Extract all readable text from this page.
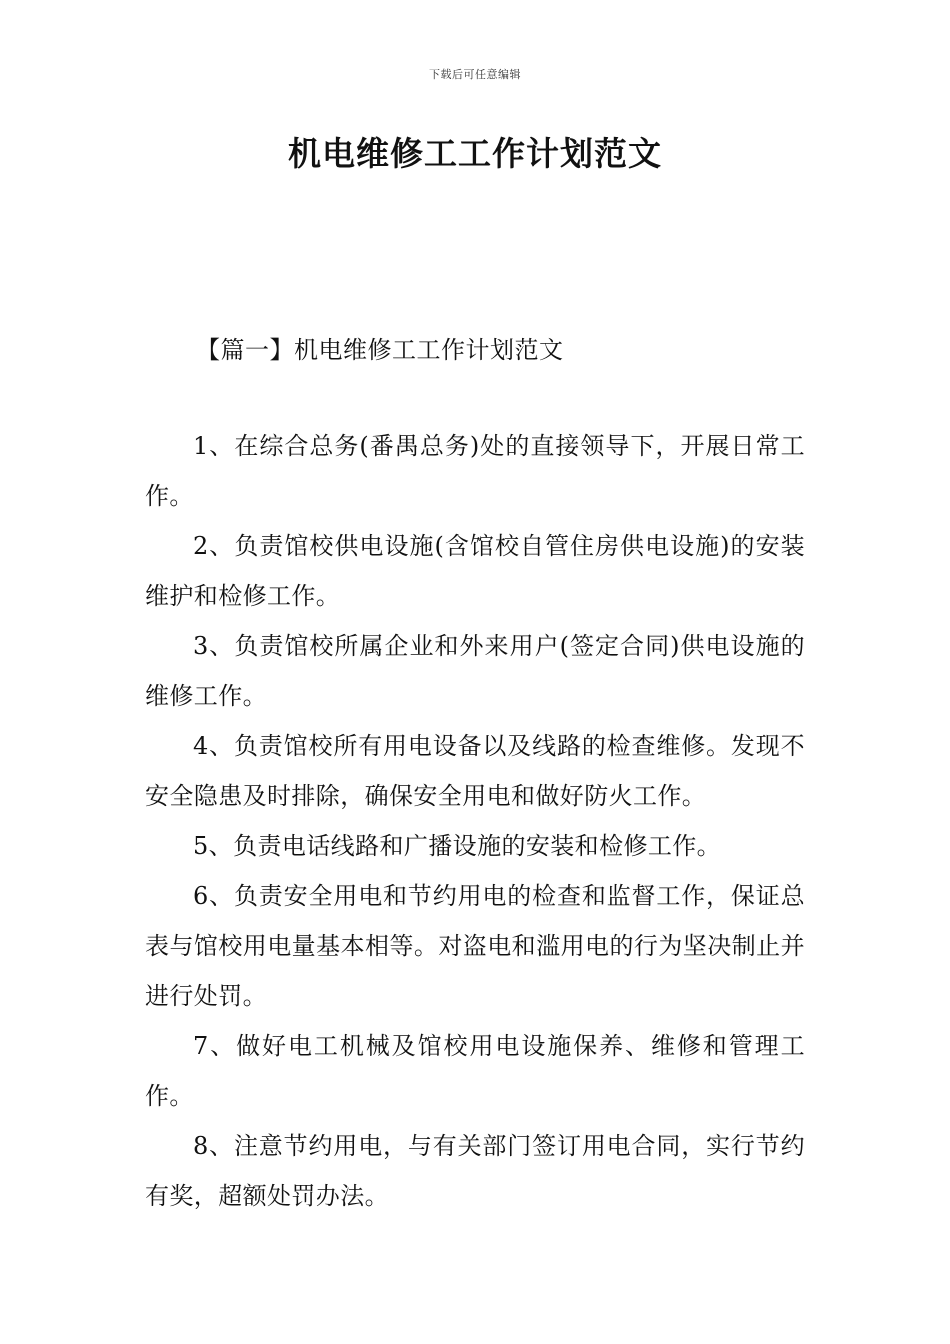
下载后可任意编辑
机电维修工工作计划范文
【篇一】机电维修工工作计划范文

1、在综合总务(番禺总务)处的直接领导下，开展日常工作。

2、负责馆校供电设施(含馆校自管住房供电设施)的安装维护和检修工作。

3、负责馆校所属企业和外来用户(签定合同)供电设施的维修工作。

4、负责馆校所有用电设备以及线路的检查维修。发现不安全隐患及时排除，确保安全用电和做好防火工作。

5、负责电话线路和广播设施的安装和检修工作。

6、负责安全用电和节约用电的检查和监督工作，保证总表与馆校用电量基本相等。对盗电和滥用电的行为坚决制止并进行处罚。

7、做好电工机械及馆校用电设施保养、维修和管理工作。

8、注意节约用电，与有关部门签订用电合同，实行节约有奖，超额处罚办法。
